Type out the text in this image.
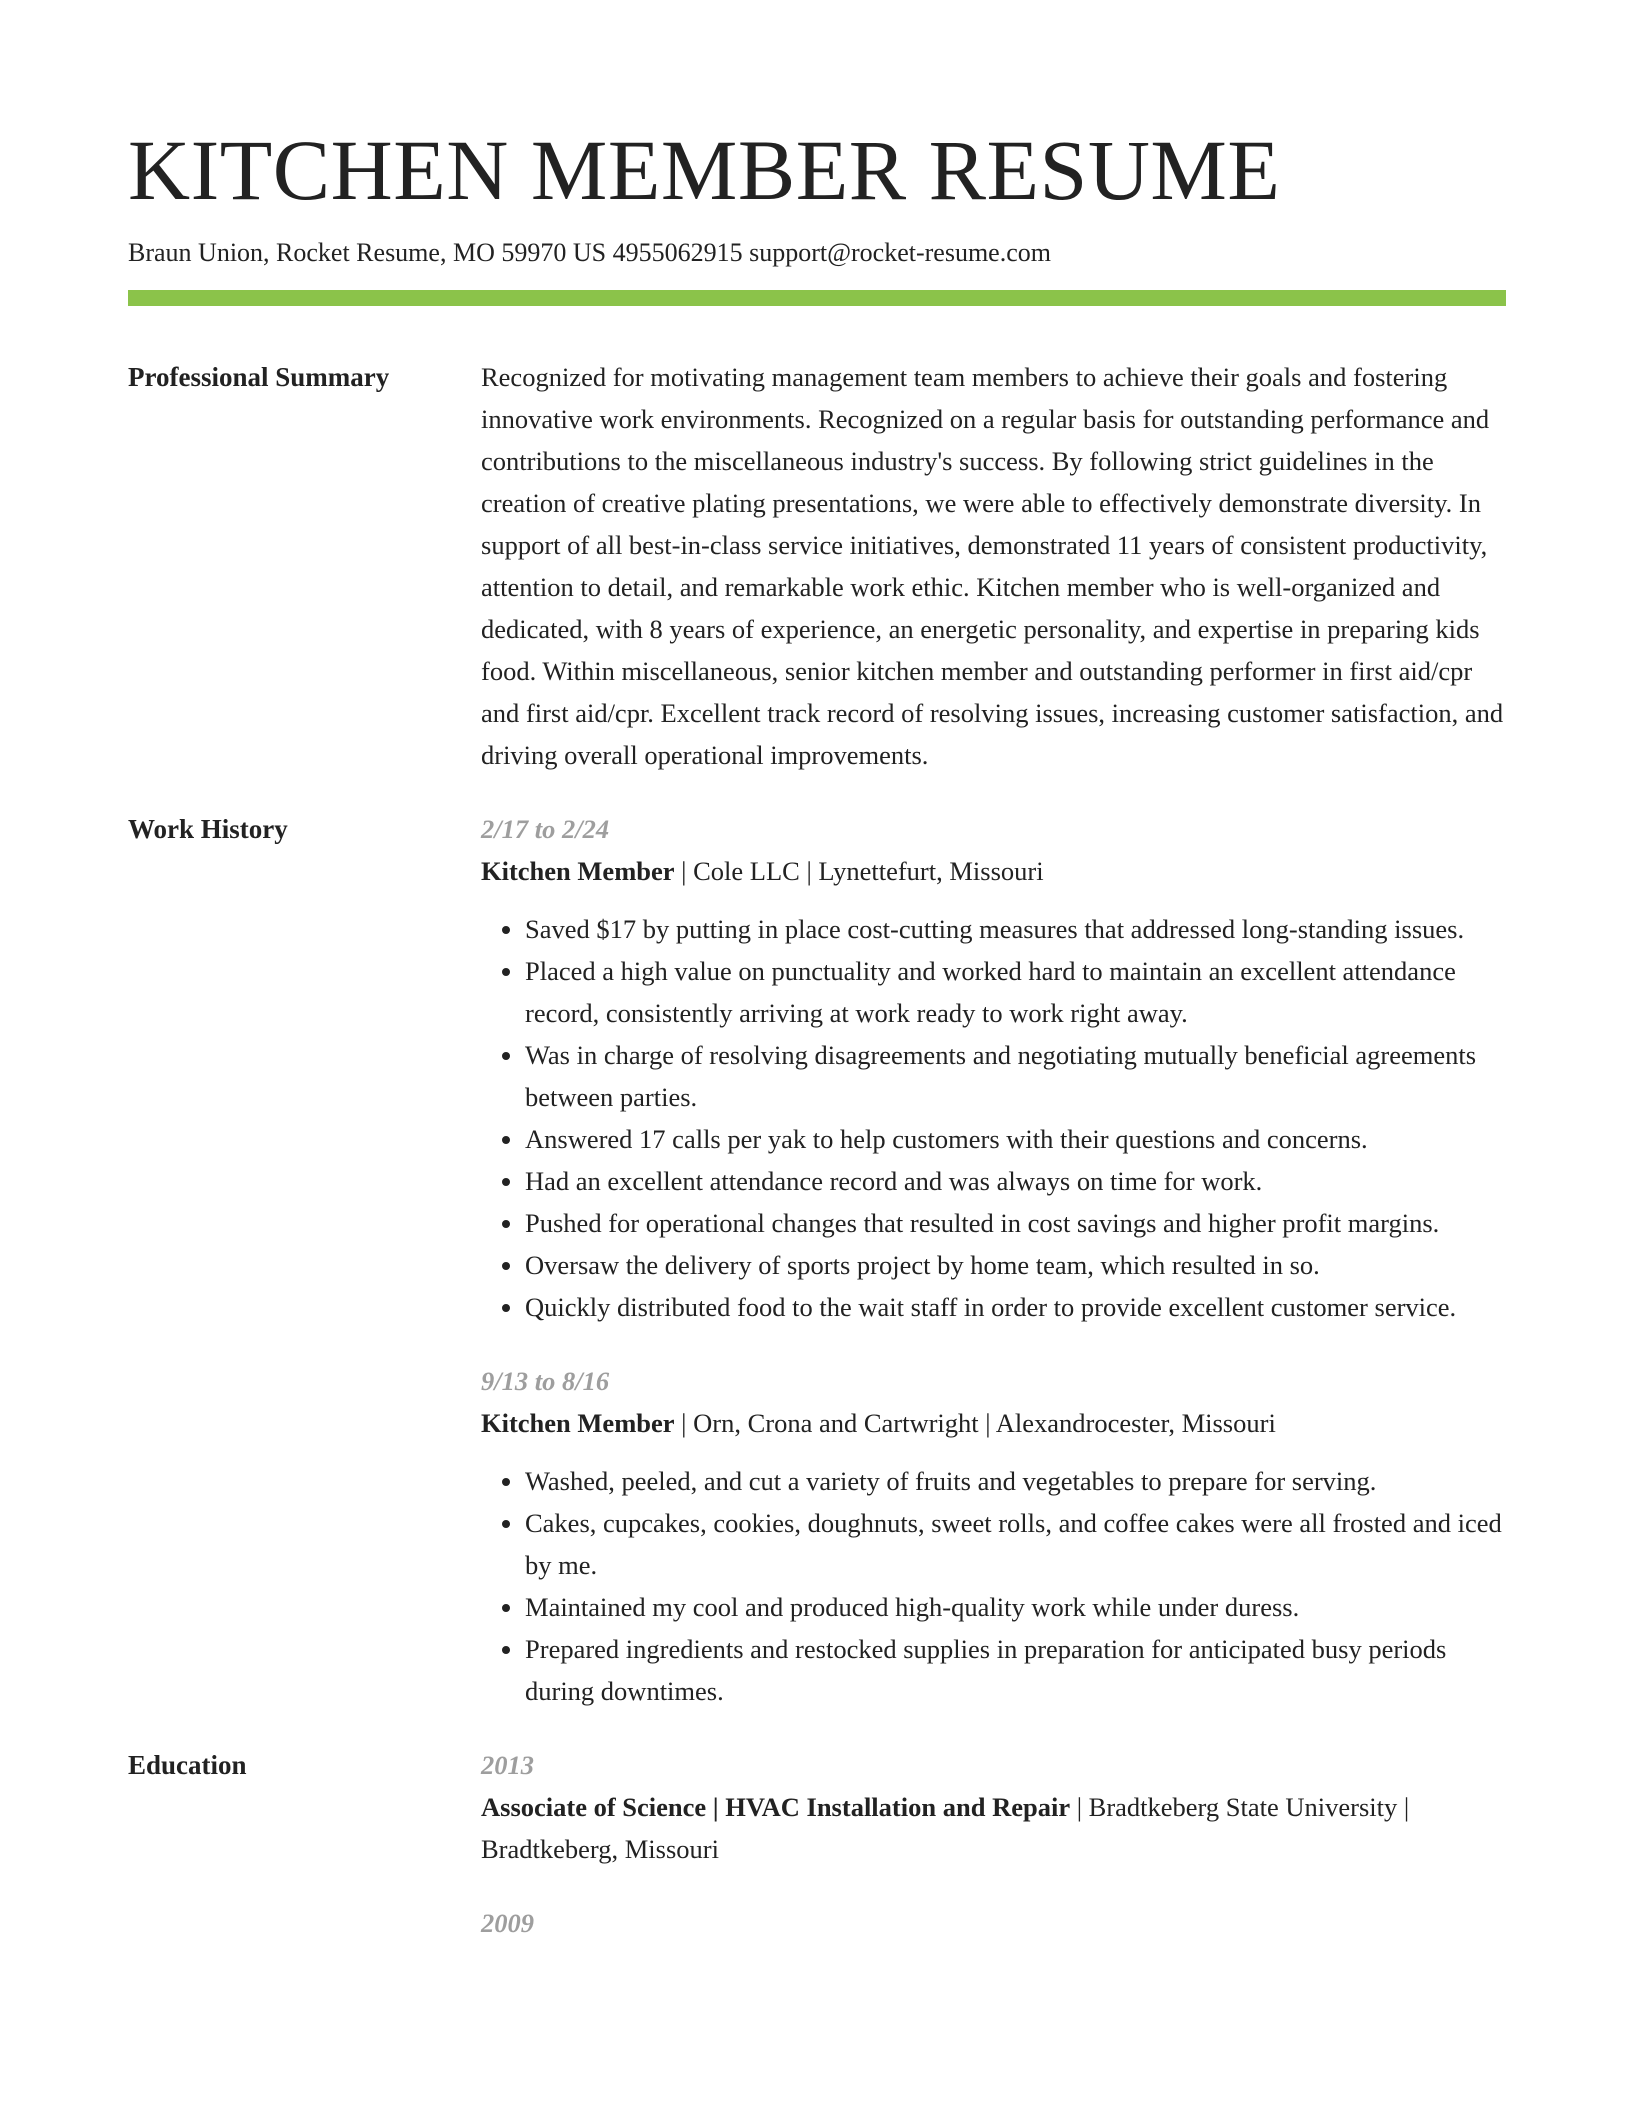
KITCHEN MEMBER RESUME
Braun Union, Rocket Resume, MO 59970 US 4955062915 support@rocket-resume.com
Professional Summary	Recognized for motivating management team members to achieve their goals and fostering innovative work environments. Recognized on a regular basis for outstanding performance and contributions to the miscellaneous industry's success. By following strict guidelines in the creation of creative plating presentations, we were able to effectively demonstrate diversity. In support of all best-in-class service initiatives, demonstrated 11 years of consistent productivity, attention to detail, and remarkable work ethic. Kitchen member who is well-organized and dedicated, with 8 years of experience, an energetic personality, and expertise in preparing kids food. Within miscellaneous, senior kitchen member and outstanding performer in first aid/cpr and first aid/cpr. Excellent track record of resolving issues, increasing customer satisfaction, and driving overall operational improvements.

Work History	2/17 to 2/24
Kitchen Member | Cole LLC | Lynettefurt, Missouri
• Saved $17 by putting in place cost-cutting measures that addressed long-standing issues.
• Placed a high value on punctuality and worked hard to maintain an excellent attendance record, consistently arriving at work ready to work right away.
• Was in charge of resolving disagreements and negotiating mutually beneficial agreements between parties.
• Answered 17 calls per yak to help customers with their questions and concerns.
• Had an excellent attendance record and was always on time for work.
• Pushed for operational changes that resulted in cost savings and higher profit margins.
• Oversaw the delivery of sports project by home team, which resulted in so.
• Quickly distributed food to the wait staff in order to provide excellent customer service.
9/13 to 8/16
Kitchen Member | Orn, Crona and Cartwright | Alexandrocester, Missouri
• Washed, peeled, and cut a variety of fruits and vegetables to prepare for serving.
• Cakes, cupcakes, cookies, doughnuts, sweet rolls, and coffee cakes were all frosted and iced by me.
• Maintained my cool and produced high-quality work while under duress.
• Prepared ingredients and restocked supplies in preparation for anticipated busy periods during downtimes.
Education	2013
Associate of Science | HVAC Installation and Repair | Bradtkeberg State University | Bradtkeberg, Missouri
2009
